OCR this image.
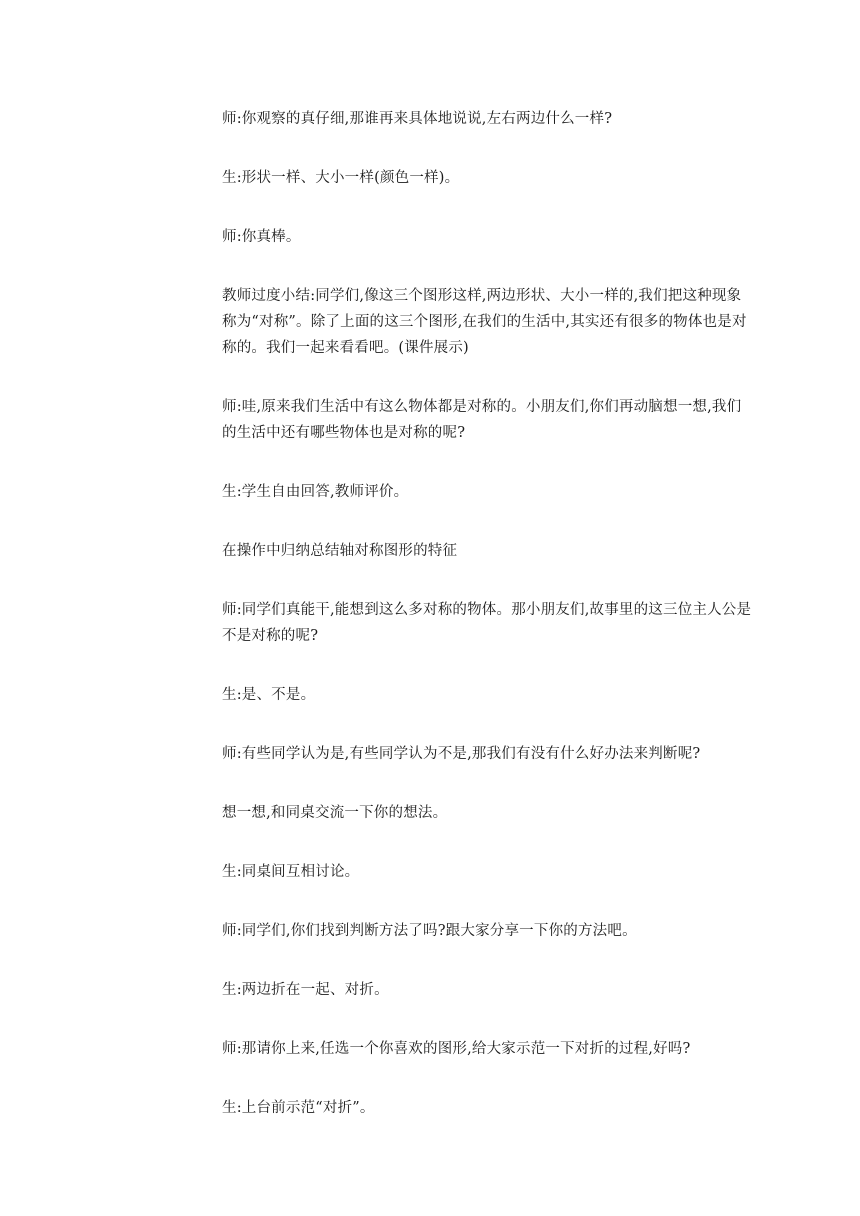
师:你观察的真仔细,那谁再来具体地说说,左右两边什么一样?

生:形状一样、大小一样(颜色一样)。

师:你真棒。

教师过度小结:同学们,像这三个图形这样,两边形状、大小一样的,我们把这种现象称为“对称”。除了上面的这三个图形,在我们的生活中,其实还有很多的物体也是对称的。我们一起来看看吧。(课件展示)

师:哇,原来我们生活中有这么物体都是对称的。小朋友们,你们再动脑想一想,我们的生活中还有哪些物体也是对称的呢?

生:学生自由回答,教师评价。

在操作中归纳总结轴对称图形的特征

师:同学们真能干,能想到这么多对称的物体。那小朋友们,故事里的这三位主人公是不是对称的呢?

生:是、不是。

师:有些同学认为是,有些同学认为不是,那我们有没有什么好办法来判断呢?

想一想,和同桌交流一下你的想法。

生:同桌间互相讨论。

师:同学们,你们找到判断方法了吗?跟大家分享一下你的方法吧。

生:两边折在一起、对折。

师:那请你上来,任选一个你喜欢的图形,给大家示范一下对折的过程,好吗?

生:上台前示范“对折”。
